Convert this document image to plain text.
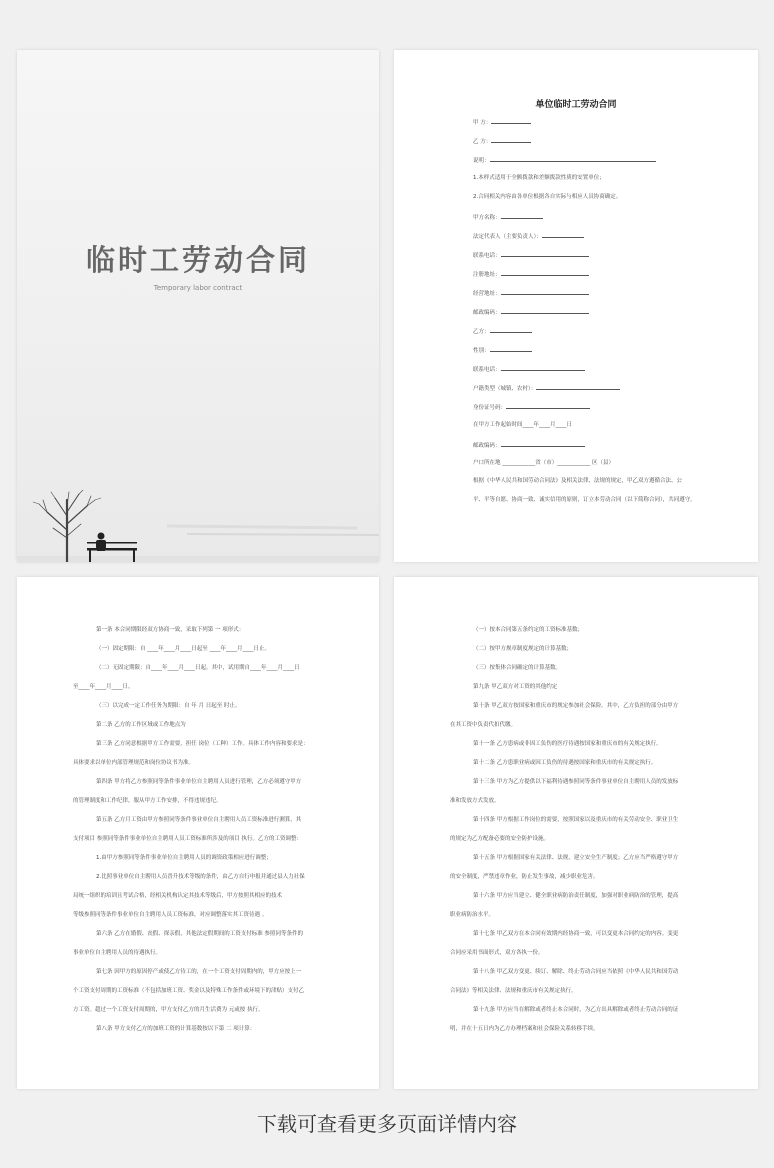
临时工劳动合同
Temporary labor contract
单位临时工劳动合同
甲 方：
乙 方：
说明：
1.本样式适用于全额拨款和差额拨款性质的安置单位；
2.合同相关内容由各单位根据各自实际与相应人员协商确定。
甲方名称：
法定代表人（主要负责人）：
联系电话：
注册地址：
经营地址：
邮政编码：
乙方：
性别：
联系电话：
户籍类型（城镇、农村）：
身份证号码：
在甲方工作起始时间____年____月____日
邮政编码：
户口所在地 ____________省（市）____________ 区（县）
根据《中华人民共和国劳动合同法》及相关法律、法规的规定，甲乙双方遵循合法、公
平、平等自愿、协商一致、诚实信用的原则，订立本劳动合同（以下简称合同），共同遵守。
第一条 本合同期限经双方协商一致，采取下列第 一 项形式：
（一）固定期限：自 ____年____月____日起至 ____年____月____日止。
（二）无固定期限：自____年____月____日起。其中，试用期自____年____月____日
至____年____月____日。
（三）以完成一定工作任务为期限：自 年 月 日起至 时止。
第二条 乙方的工作区域或工作地点为
第三条 乙方同意根据甲方工作需要，担任 岗位（工种）工作。具体工作内容和要求是：
具体要求以单位内部管理规范和岗位协议书为准。
第四条 甲方将乙方参照同等条件事业单位自主聘用人员进行管理，乙方必须遵守甲方
的管理制度和工作纪律，服从甲方工作安排，不得违规违纪。
第五条 乙方月工资由甲方参照同等条件事业单位自主聘用人员工资标准进行测算，其
支付项目 参照同等条件事业单位自主聘用人员工资标准所涉及的项目 执行。乙方的工资调整：
1.由甲方参照同等条件事业单位自主聘用人员的调资政策相应进行调整；
2.比照事业单位自主聘用人员晋升技术等级的条件，由乙方自行申报并通过县人力社保
局统一组织的培训且考试合格，经相关机构认定其技术等级后，甲方按照其相应的技术
等级参照同等条件事业单位自主聘用人员工资标准，对应调整落实其工资待遇 。
第六条 乙方在婚假、丧假、探亲假，其他法定假期间的工资支付标准 参照同等条件的
事业单位自主聘用人员的待遇执行。
第七条 因甲方的原因停产或使乙方待工的，在一个工资支付周期内的，甲方应按上一
个工资支付周期的工资标准（不包括加班工资、奖金以及特殊工作条件或环境下的津贴）支付乙
方工资。超过一个工资支付周期的，甲方支付乙方的月生活费为 元或按 执行。
第八条 甲方支付乙方的加班工资的计算基数按以下第 二 项计算：
（一）按本合同第五条约定的工资标准基数；
（二）按甲方规章制度规定的计算基数；
（三）按集体合同确定的计算基数。
第九条 甲乙双方对工资的其他约定
第十条 甲乙双方按国家和重庆市的规定参加社会保险。其中，乙方负担的部分由甲方
在其工资中负责代扣代缴。
第十一条 乙方患病或非因工负伤的医疗待遇按国家和重庆市的有关规定执行。
第十二条 乙方患职业病或因工负伤的待遇按国家和重庆市的有关规定执行。
第十三条 甲方为乙方提供以下福利待遇参照同等条件事业单位自主聘用人员的发放标
准和发放方式发放。
第十四条 甲方根据工作岗位的需要，按照国家以及重庆市的有关劳动安全、职业卫生
的规定为乙方配备必要的安全防护设施。
第十五条 甲方根据国家有关法律、法规，建立安全生产制度；乙方应当严格遵守甲方
的安全制度，严禁违章作业，防止发生事故，减少职业危害。
第十六条 甲方应当建立、健全职业病防治责任制度，加强对职业病防治的管理，提高
职业病防治水平。
第十七条 甲乙双方在本合同有效期内经协商一致，可以变更本合同约定的内容。变更
合同应采用书面形式，双方各执一份。
第十八条 甲乙双方变更、续订、解除、终止劳动合同应当依照《中华人民共和国劳动
合同法》等相关法律、法规和重庆市有关规定执行。
第十九条 甲方应当在解除或者终止本合同时，为乙方出具解除或者终止劳动合同的证
明，并在十五日内为乙方办理档案和社会保险关系转移手续。
下载可查看更多页面详情内容
